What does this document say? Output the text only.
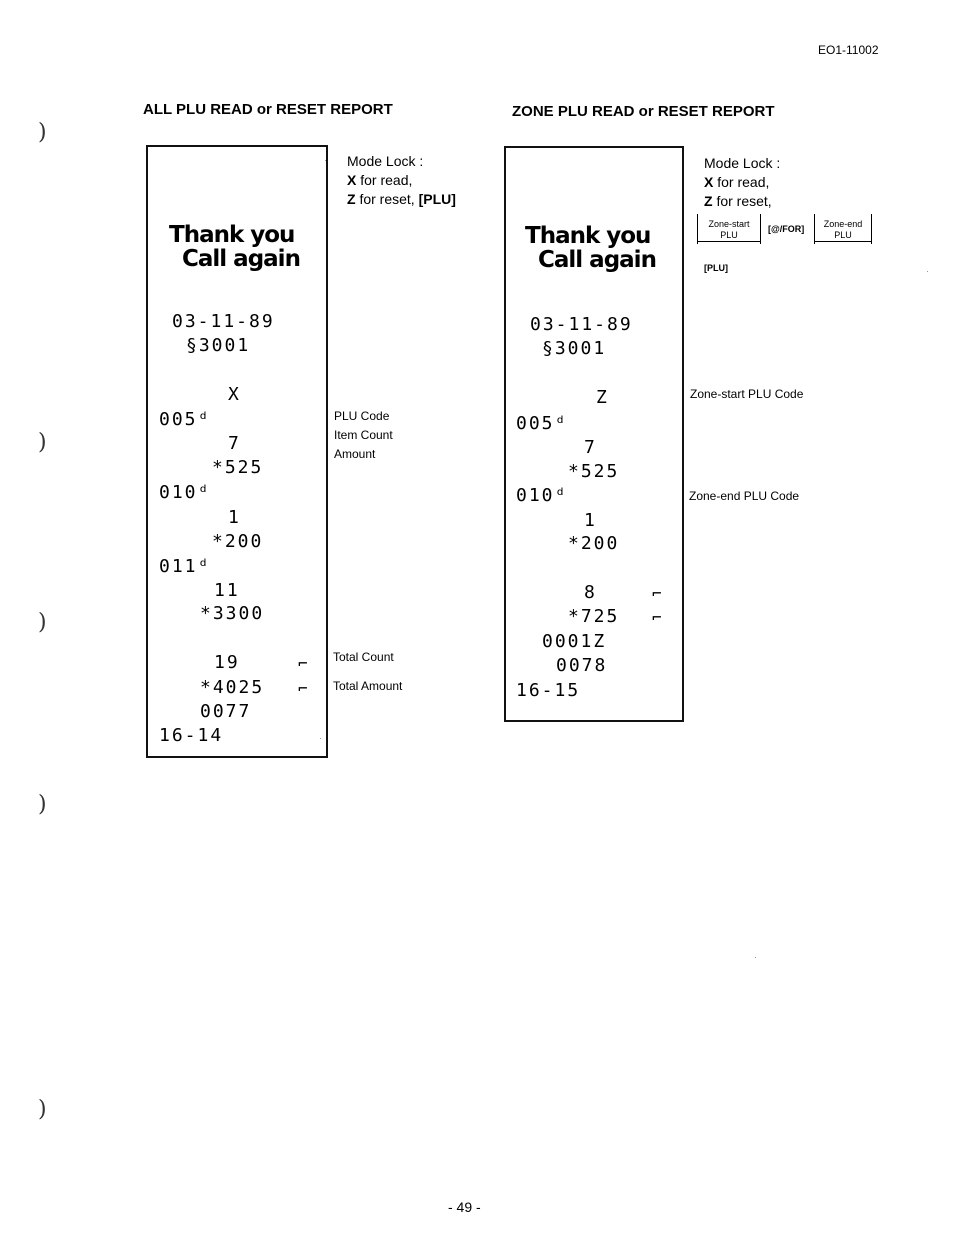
EO1-11002
)
)
)
)
)
ALL PLU READ or RESET REPORT
Thank you
Call again
03-11-89
§3001
X
005ᵈ
7
*525
010ᵈ
1
*200
011ᵈ
11
*3300
19	⌐
*4025 ⌐
0077
16-14
Mode Lock :
X for read,
Z for reset, [PLU]
PLU Code
Item Count
Amount
Total Count
Total Amount
ZONE PLU READ or RESET REPORT
Thank you
Call again
03-11-89
§3001
Z
005ᵈ
7
*525
010ᵈ
1
*200
8	⌐
*725 ⌐
0001Z
0078
16-15
Mode Lock :
X for read,
Z for reset,
Zone-start
PLU
[@/FOR]	Zone-end
PLU
[PLU]
Zone-start PLU Code
Zone-end PLU Code
- 49 -
